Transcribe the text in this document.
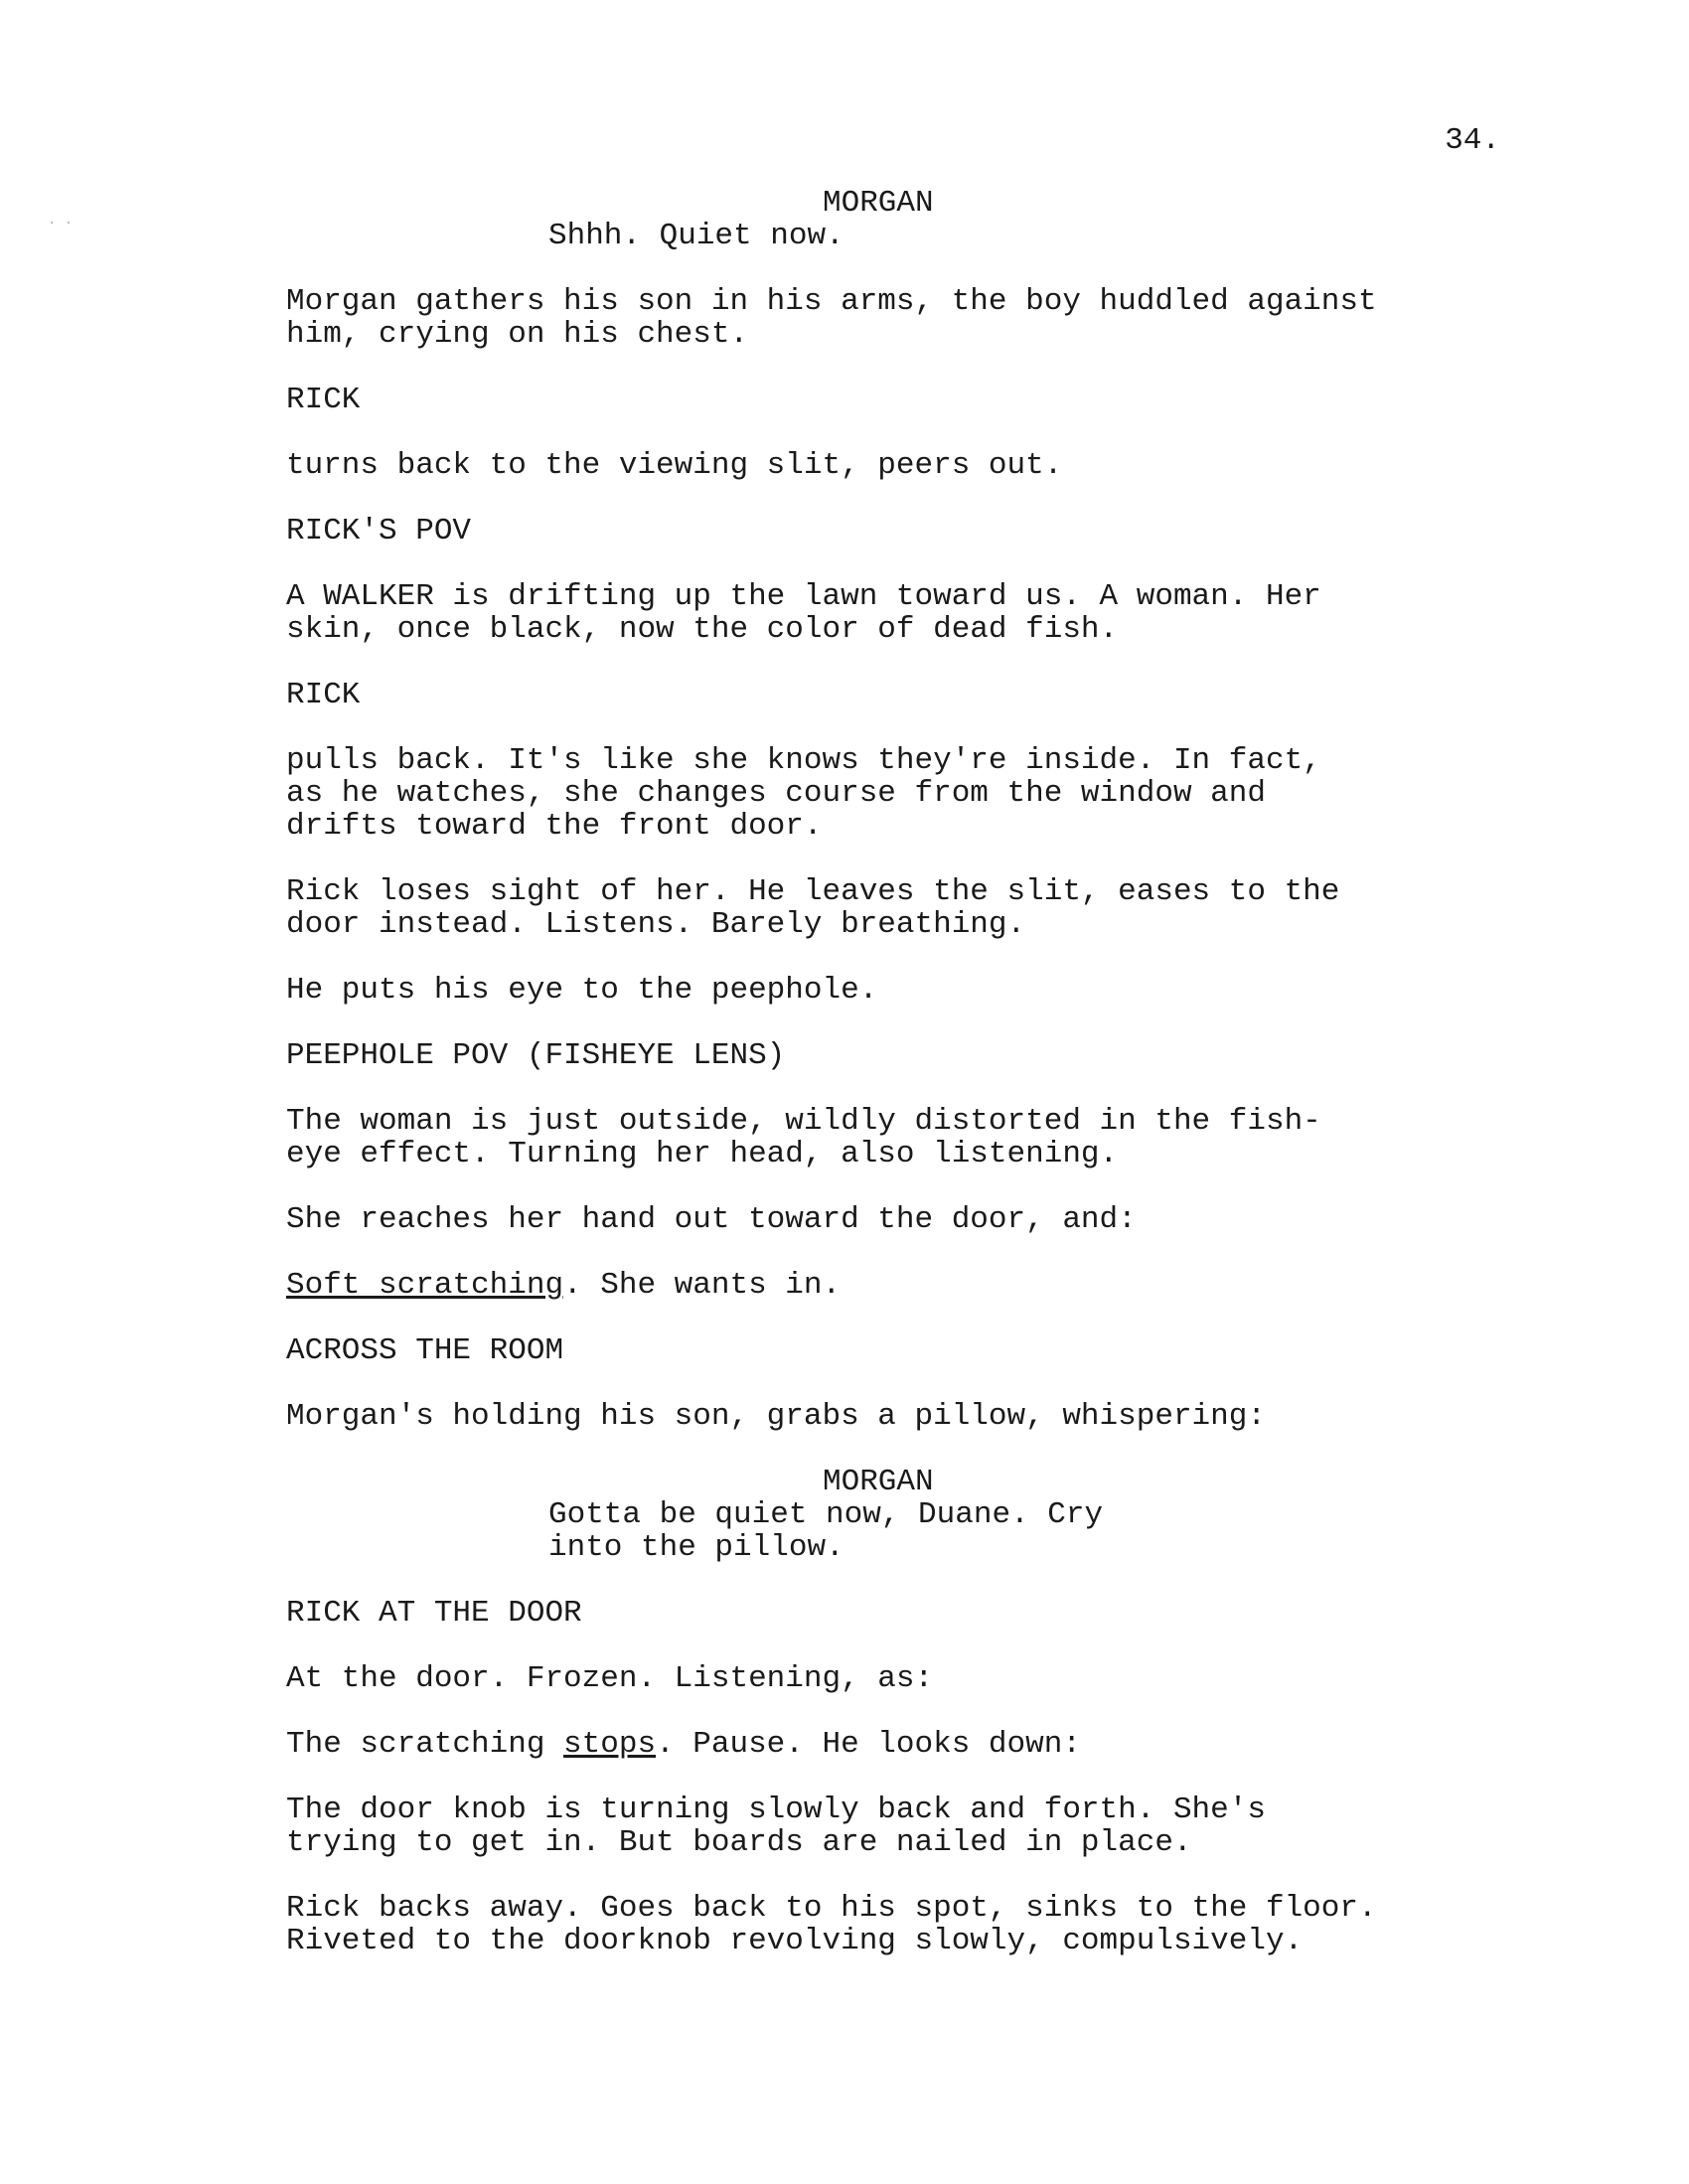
34.

· ·

MORGAN

Shhh. Quiet now.

Morgan gathers his son in his arms, the boy huddled against
him, crying on his chest.

RICK

turns back to the viewing slit, peers out.

RICK'S POV

A WALKER is drifting up the lawn toward us. A woman. Her
skin, once black, now the color of dead fish.

RICK

pulls back. It's like she knows they're inside. In fact,
as he watches, she changes course from the window and
drifts toward the front door.

Rick loses sight of her. He leaves the slit, eases to the
door instead. Listens. Barely breathing.

He puts his eye to the peephole.

PEEPHOLE POV (FISHEYE LENS)

The woman is just outside, wildly distorted in the fish-
eye effect. Turning her head, also listening.

She reaches her hand out toward the door, and:

Soft scratching. She wants in.

ACROSS THE ROOM

Morgan's holding his son, grabs a pillow, whispering:

MORGAN

Gotta be quiet now, Duane. Cry
into the pillow.

RICK AT THE DOOR

At the door. Frozen. Listening, as:

The scratching stops. Pause. He looks down:

The door knob is turning slowly back and forth. She's
trying to get in. But boards are nailed in place.

Rick backs away. Goes back to his spot, sinks to the floor.
Riveted to the doorknob revolving slowly, compulsively.
